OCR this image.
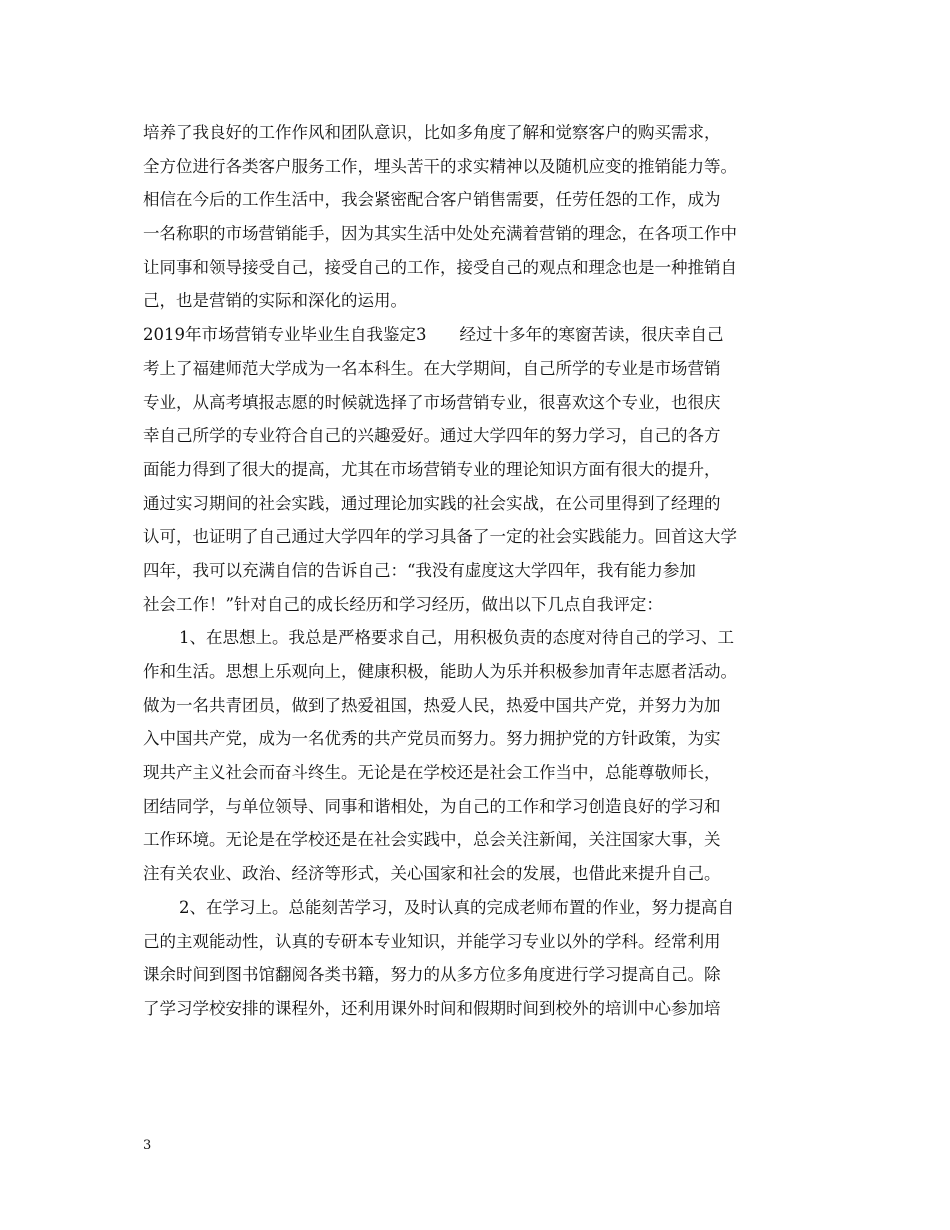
培养了我良好的工作作风和团队意识，比如多角度了解和觉察客户的购买需求，
全方位进行各类客户服务工作，埋头苦干的求实精神以及随机应变的推销能力等。
相信在今后的工作生活中，我会紧密配合客户销售需要，任劳任怨的工作，成为
一名称职的市场营销能手，因为其实生活中处处充满着营销的理念，在各项工作中
让同事和领导接受自己，接受自己的工作，接受自己的观点和理念也是一种推销自
己，也是营销的实际和深化的运用。
2019年市场营销专业毕业生自我鉴定3　　经过十多年的寒窗苦读，很庆幸自己
考上了福建师范大学成为一名本科生。在大学期间，自己所学的专业是市场营销
专业，从高考填报志愿的时候就选择了市场营销专业，很喜欢这个专业，也很庆
幸自己所学的专业符合自己的兴趣爱好。通过大学四年的努力学习，自己的各方
面能力得到了很大的提高，尤其在市场营销专业的理论知识方面有很大的提升，
通过实习期间的社会实践，通过理论加实践的社会实战，在公司里得到了经理的
认可，也证明了自己通过大学四年的学习具备了一定的社会实践能力。回首这大学
四年，我可以充满自信的告诉自己：“我没有虚度这大学四年，我有能力参加
社会工作！”针对自己的成长经历和学习经历，做出以下几点自我评定：
1、在思想上。我总是严格要求自己，用积极负责的态度对待自己的学习、工
作和生活。思想上乐观向上，健康积极，能助人为乐并积极参加青年志愿者活动。
做为一名共青团员，做到了热爱祖国，热爱人民，热爱中国共产党，并努力为加
入中国共产党，成为一名优秀的共产党员而努力。努力拥护党的方针政策，为实
现共产主义社会而奋斗终生。无论是在学校还是社会工作当中，总能尊敬师长，
团结同学，与单位领导、同事和谐相处，为自己的工作和学习创造良好的学习和
工作环境。无论是在学校还是在社会实践中，总会关注新闻，关注国家大事，关
注有关农业、政治、经济等形式，关心国家和社会的发展，也借此来提升自己。
2、在学习上。总能刻苦学习，及时认真的完成老师布置的作业，努力提高自
己的主观能动性，认真的专研本专业知识，并能学习专业以外的学科。经常利用
课余时间到图书馆翻阅各类书籍，努力的从多方位多角度进行学习提高自己。除
了学习学校安排的课程外，还利用课外时间和假期时间到校外的培训中心参加培
3
